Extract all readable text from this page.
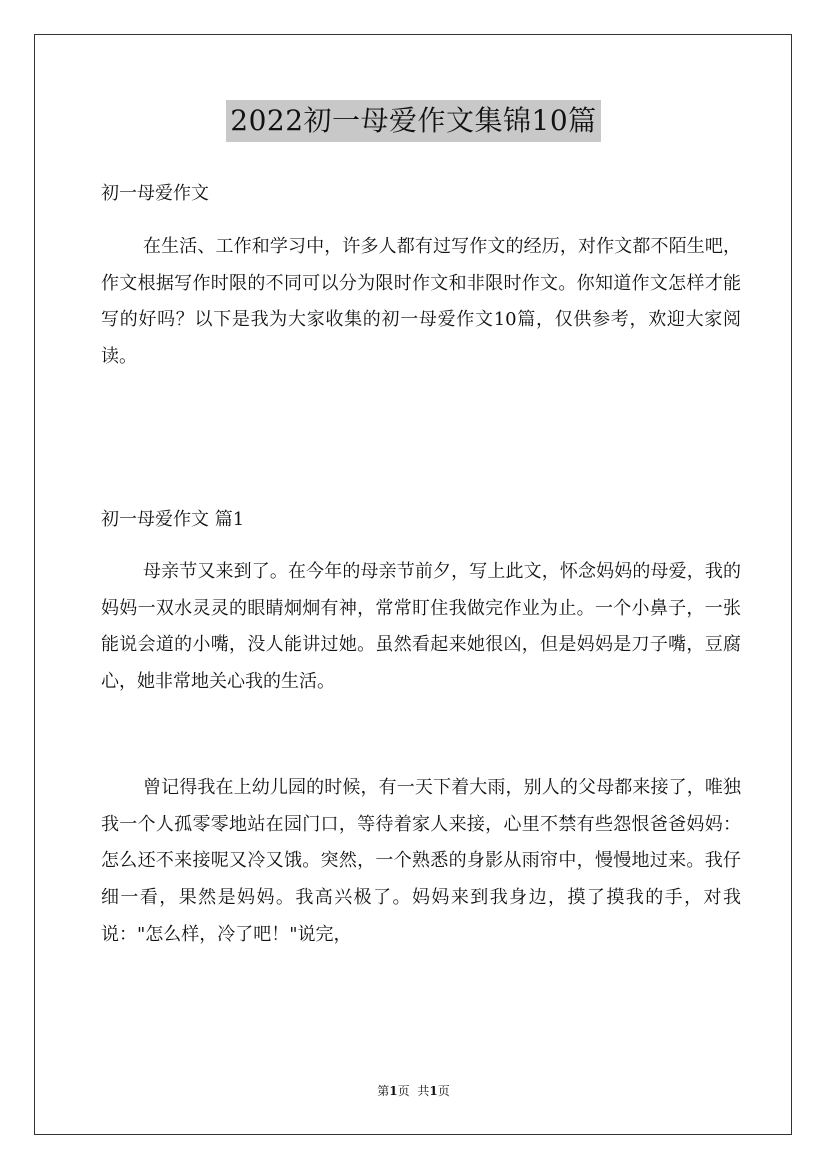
2022初一母爱作文集锦10篇
初一母爱作文
在生活、工作和学习中，许多人都有过写作文的经历，对作文都不陌生吧，作文根据写作时限的不同可以分为限时作文和非限时作文。你知道作文怎样才能写的好吗？以下是我为大家收集的初一母爱作文10篇，仅供参考，欢迎大家阅读。
初一母爱作文 篇1
母亲节又来到了。在今年的母亲节前夕，写上此文，怀念妈妈的母爱，我的妈妈一双水灵灵的眼睛炯炯有神，常常盯住我做完作业为止。一个小鼻子，一张能说会道的小嘴，没人能讲过她。虽然看起来她很凶，但是妈妈是刀子嘴，豆腐心，她非常地关心我的生活。
曾记得我在上幼儿园的时候，有一天下着大雨，别人的父母都来接了，唯独我一个人孤零零地站在园门口，等待着家人来接，心里不禁有些怨恨爸爸妈妈：怎么还不来接呢又冷又饿。突然，一个熟悉的身影从雨帘中，慢慢地过来。我仔细一看，果然是妈妈。我高兴极了。妈妈来到我身边，摸了摸我的手，对我说："怎么样，冷了吧！"说完，
第1页 共1页
